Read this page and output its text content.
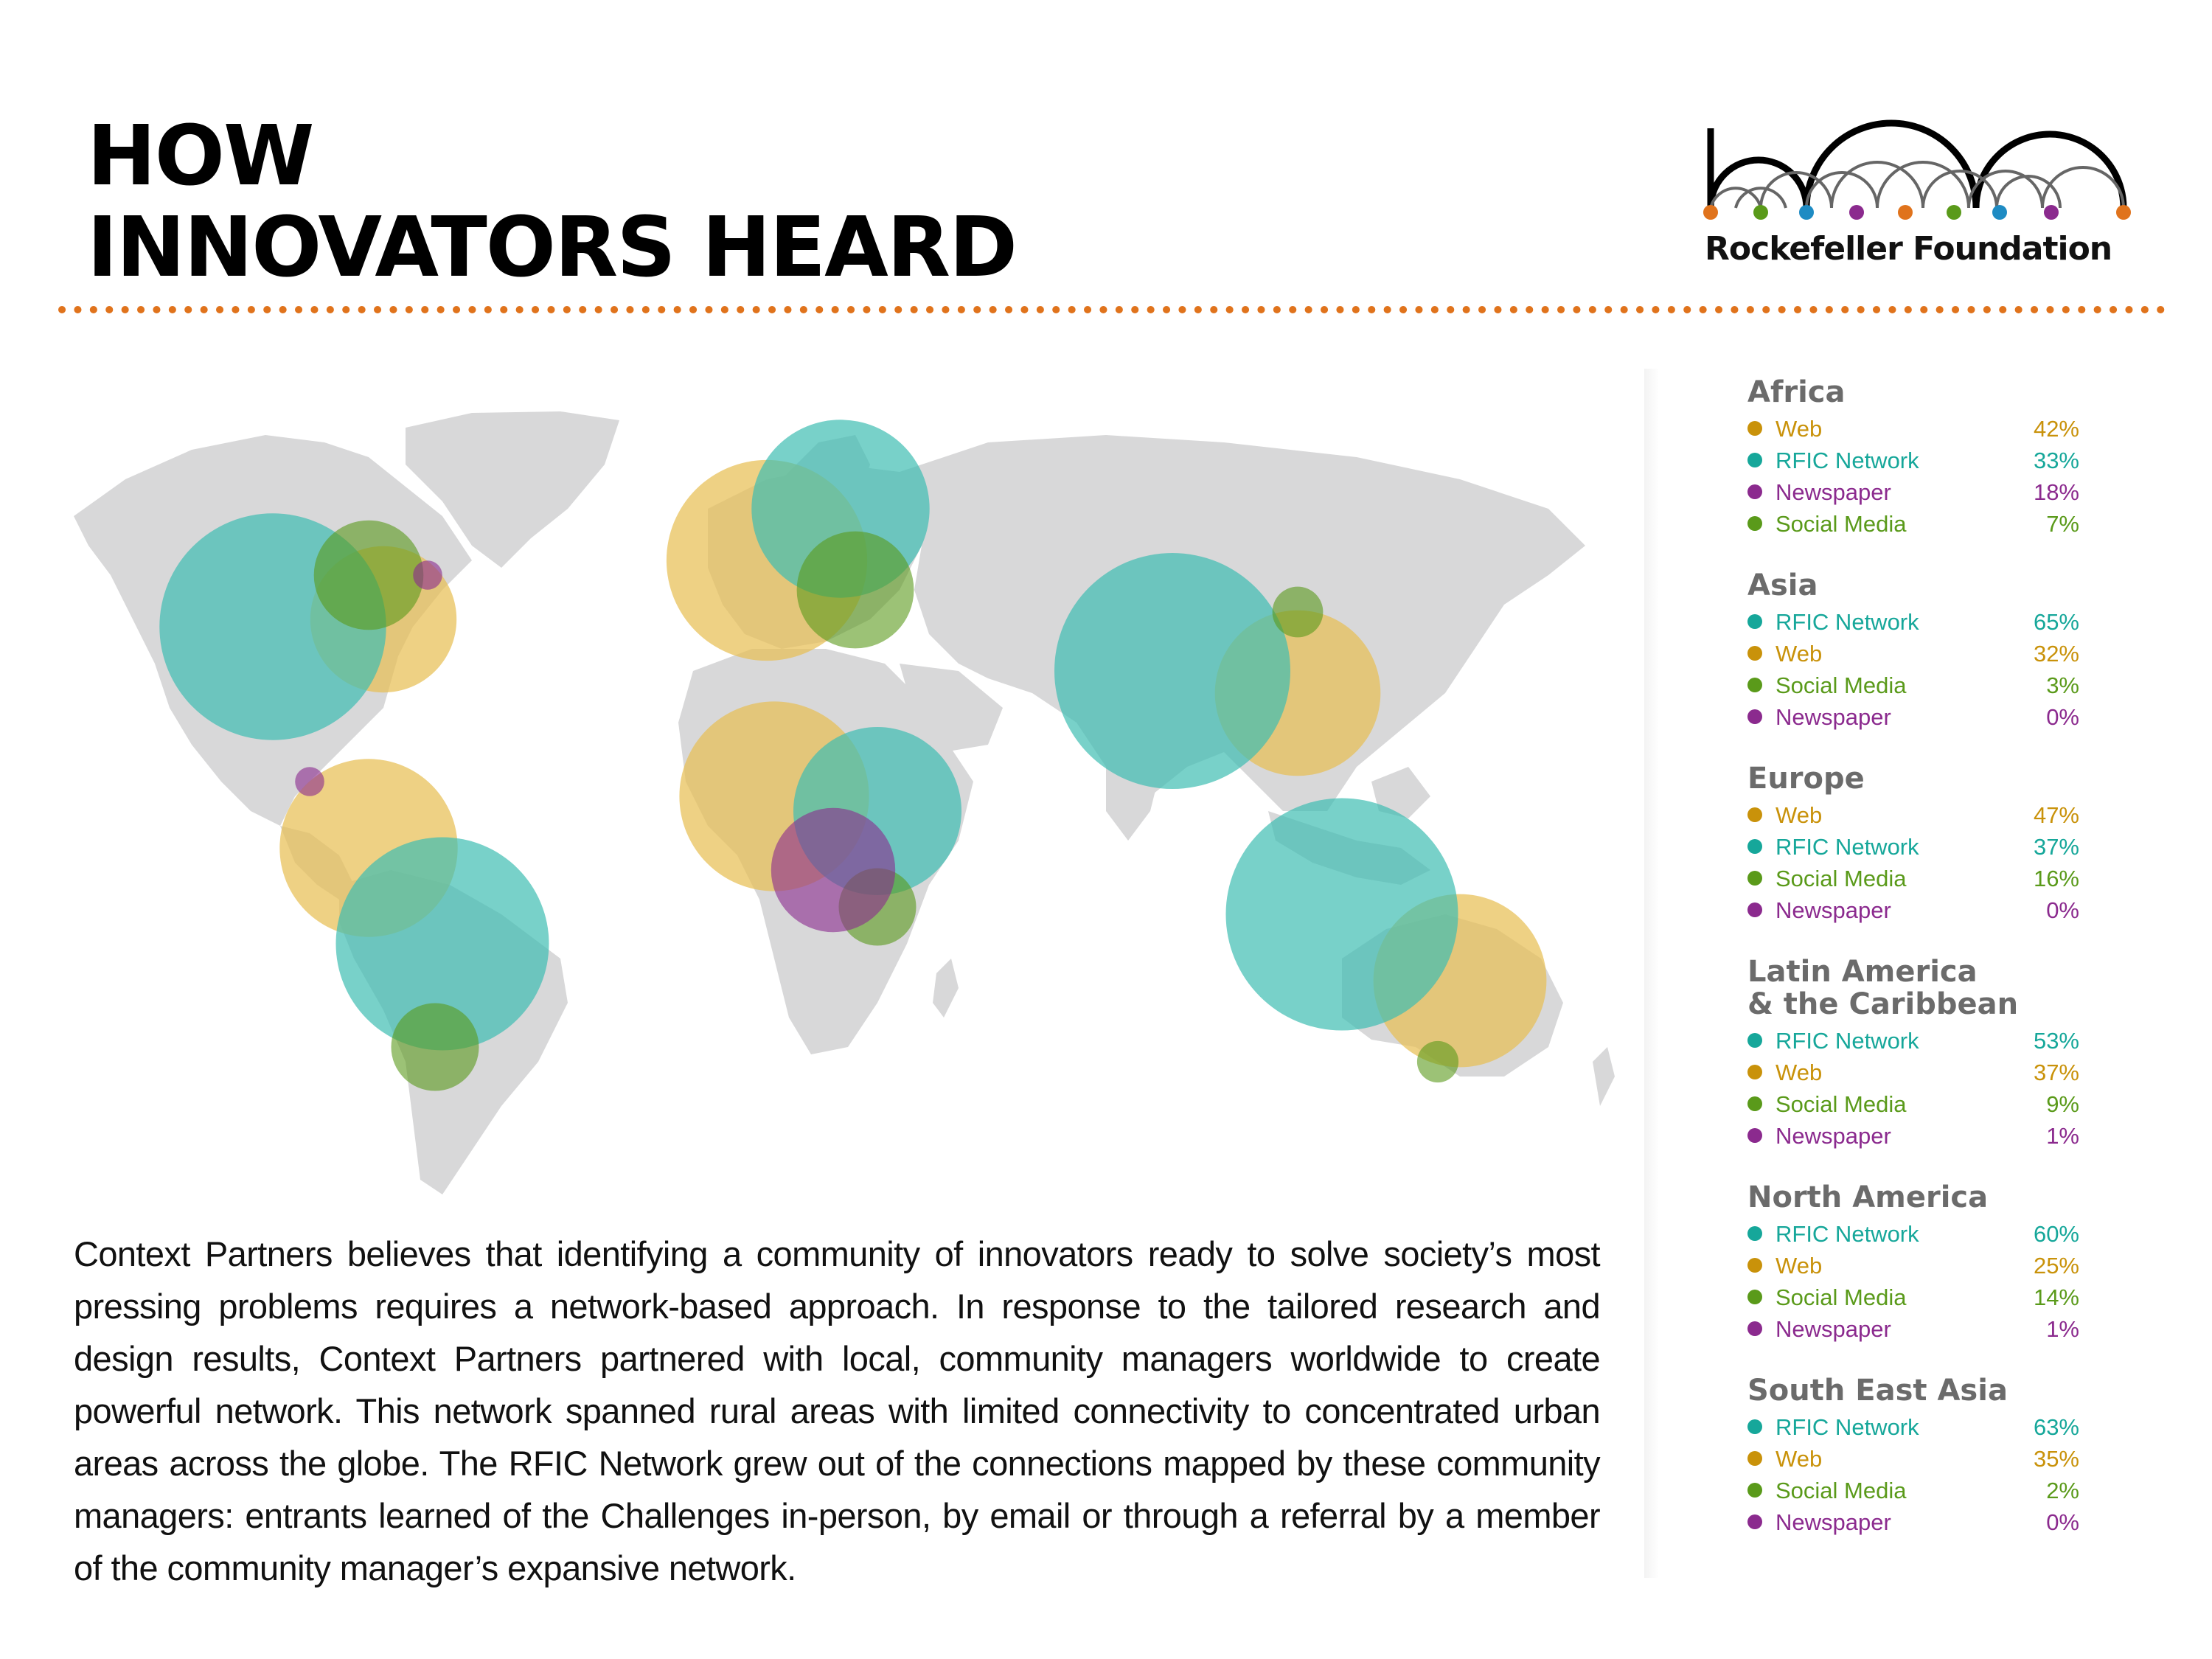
HOW
INNOVATORS HEARD	Rockefeller Foundation
Africa
Web	42%
RFIC Network	33%
Newspaper	18%
Social Media	7%
Asia
RFIC Network	65%
Web	32%
Social Media	3%
Newspaper	0%
Europe
Web	47%
RFIC Network	37%
Social Media	16%
Newspaper	0%
Latin America
& the Caribbean
RFIC Network	53%
Web	37%
Social Media	9%
Newspaper	1%
North America
RFIC Network	60%
Web	25%
Social Media	14%
Newspaper	1%
South East Asia
RFIC Network	63%
Web	35%
Social Media	2%
Newspaper	0%
Context Partners believes that identifying a community of innovators ready to solve society’s most pressing problems requires a network-based approach. In response to the tailored research and design results, Context Partners partnered with local, community managers worldwide to create powerful network. This network spanned rural areas with limited connectivity to concentrated urban areas across the globe. The RFIC Network grew out of the connections mapped by these community managers: entrants learned of the Challenges in-person, by email or through a referral by a member of the community manager’s expansive network.
